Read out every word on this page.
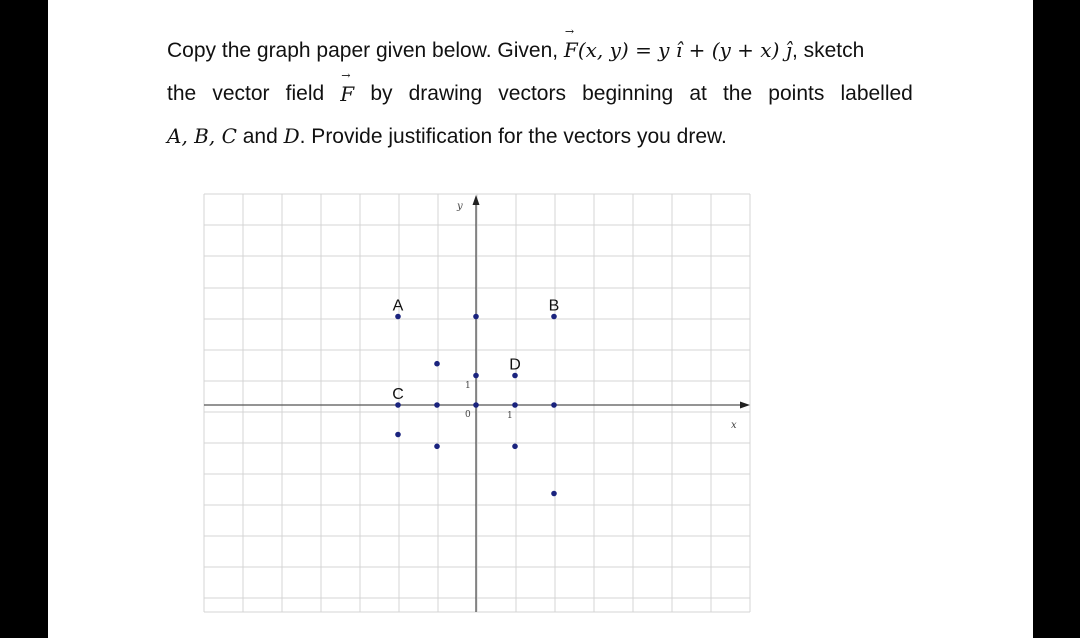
Copy the graph paper given below. Given, → F(x, y) = y î + (y + x) ĵ, sketch
the vector field
→ F by drawing vectors beginning at the points labelled
A, B, C and D. Provide justification for the vectors you drew.
x
y
0	1
1
A	B
C
D
